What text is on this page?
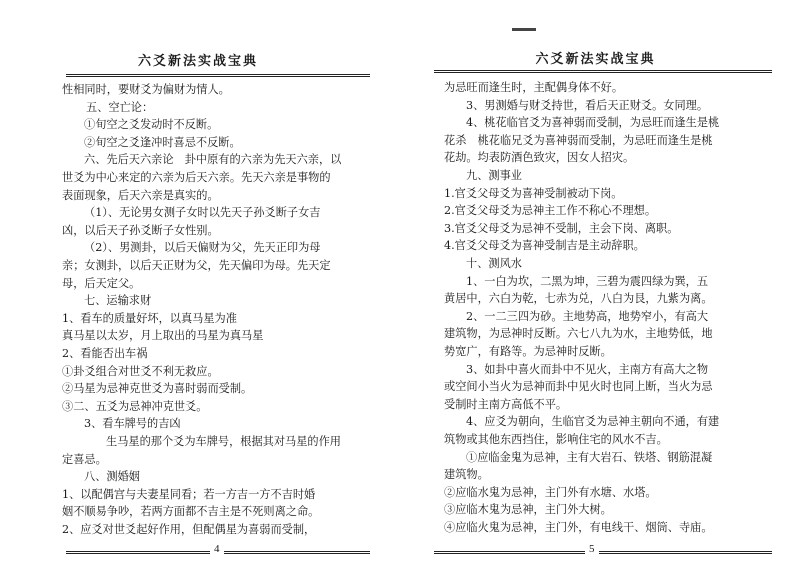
六爻新法实战宝典
性相同时，要财爻为偏财为情人。
五、空亡论：
①旬空之爻发动时不反断。
②旬空之爻逢冲时喜忌不反断。
六、先后天六亲论　卦中原有的六亲为先天六亲，以
世爻为中心来定的六亲为后天六亲。先天六亲是事物的
表面现象，后天六亲是真实的。
（1）、无论男女测子女时以先天子孙爻断子女吉
凶，以后天子孙爻断子女性别。
（2）、男测卦，以后天偏财为父，先天正印为母
亲；女测卦，以后天正财为父，先天偏印为母。先天定
母，后天定父。
七、运输求财
1、看车的质量好坏，以真马星为准
真马星以太岁，月上取出的马星为真马星
2、看能否出车祸
①卦爻组合对世爻不利无救应。
②马星为忌神克世爻为喜时弱而受制。
③二、五爻为忌神冲克世爻。
3、看车牌号的吉凶
生马星的那个爻为车牌号，根据其对马星的作用
定喜忌。
八、测婚姻
1、以配偶宫与夫妻星同看；若一方吉一方不吉时婚
姻不顺易争吵，若两方面都不吉主是不死则离之命。
2、应爻对世爻起好作用，但配偶星为喜弱而受制，
4
六爻新法实战宝典
为忌旺而逢生时，主配偶身体不好。
3、男测婚与财爻持世，看后天正财爻。女同理。
4、桃花临官爻为喜神弱而受制，为忌旺而逢生是桃
花杀　桃花临兄爻为喜神弱而受制，为忌旺而逢生是桃
花劫。均表防酒色致灾，因女人招灾。
九、测事业
1.官爻父母爻为喜神受制被动下岗。
2.官爻父母爻为忌神主工作不称心不理想。
3.官爻父母爻为忌神不受制，主会下岗、离职。
4.官爻父母爻为喜神受制吉是主动辞职。
十、测风水
1、一白为坎，二黑为坤，三碧为震四绿为巽，五
黄居中，六白为乾，七赤为兑，八白为艮，九紫为离。
2、一二三四为砂。主地势高，地势窄小，有高大
建筑物，为忌神时反断。六七八九为水，主地势低，地
势宽广，有路等。为忌神时反断。
3、如卦中喜火而卦中不见火，主南方有高大之物
或空间小当火为忌神而卦中见火时也同上断，当火为忌
受制时主南方高低不平。
4、应爻为朝向，生临官爻为忌神主朝向不通，有建
筑物或其他东西挡住，影响住宅的风水不吉。
①应临金鬼为忌神，主有大岩石、铁塔、钢筋混凝
建筑物。
②应临水鬼为忌神，主门外有水塘、水塔。
③应临木鬼为忌神，主门外大树。
④应临火鬼为忌神，主门外，有电线干、烟筒、寺庙。
5
